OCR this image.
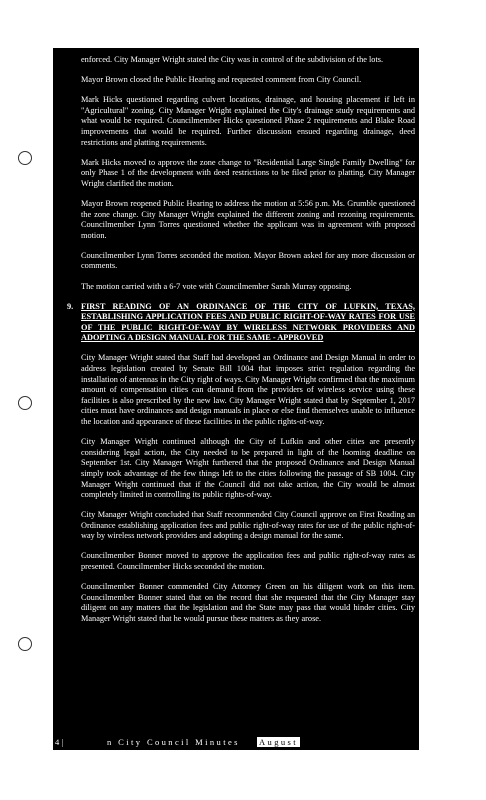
enforced. City Manager Wright stated the City was in control of the subdivision of the lots.

Mayor Brown closed the Public Hearing and requested comment from City Council.

Mark Hicks questioned regarding culvert locations, drainage, and housing placement if left in "Agricultural" zoning. City Manager Wright explained the City's drainage study requirements and what would be required. Councilmember Hicks questioned Phase 2 requirements and Blake Road improvements that would be required. Further discussion ensued regarding drainage, deed restrictions and platting requirements.

Mark Hicks moved to approve the zone change to "Residential Large Single Family Dwelling" for only Phase 1 of the development with deed restrictions to be filed prior to platting. City Manager Wright clarified the motion.

Mayor Brown reopened Public Hearing to address the motion at 5:56 p.m. Ms. Grumble questioned the zone change. City Manager Wright explained the different zoning and rezoning requirements. Councilmember Lynn Torres questioned whether the applicant was in agreement with proposed motion.

Councilmember Lynn Torres seconded the motion. Mayor Brown asked for any more discussion or comments.

The motion carried with a 6-7 vote with Councilmember Sarah Murray opposing.

9. FIRST READING OF AN ORDINANCE OF THE CITY OF LUFKIN, TEXAS, ESTABLISHING APPLICATION FEES AND PUBLIC RIGHT-OF-WAY RATES FOR USE OF THE PUBLIC RIGHT-OF-WAY BY WIRELESS NETWORK PROVIDERS AND ADOPTING A DESIGN MANUAL FOR THE SAME - APPROVED

City Manager Wright stated that Staff had developed an Ordinance and Design Manual in order to address legislation created by Senate Bill 1004 that imposes strict regulation regarding the installation of antennas in the City right of ways. City Manager Wright confirmed that the maximum amount of compensation cities can demand from the providers of wireless service using these facilities is also prescribed by the new law. City Manager Wright stated that by September 1, 2017 cities must have ordinances and design manuals in place or else find themselves unable to influence the location and appearance of these facilities in the public rights-of-way.

City Manager Wright continued although the City of Lufkin and other cities are presently considering legal action, the City needed to be prepared in light of the looming deadline on September 1st. City Manager Wright furthered that the proposed Ordinance and Design Manual simply took advantage of the few things left to the cities following the passage of SB 1004. City Manager Wright continued that if the Council did not take action, the City would be almost completely limited in controlling its public rights-of-way.

City Manager Wright concluded that Staff recommended City Council approve on First Reading an Ordinance establishing application fees and public right-of-way rates for use of the public right-of- way by wireless network providers and adopting a design manual for the same.

Councilmember Bonner moved to approve the application fees and public right-of-way rates as presented. Councilmember Hicks seconded the motion.

Councilmember Bonner commended City Attorney Green on his diligent work on this item. Councilmember Bonner stated that on the record that she requested that the City Manager stay diligent on any matters that the legislation and the State may pass that would hinder cities. City Manager Wright stated that he would pursue these matters as they arose.

4 |	n City Council Minutes August
